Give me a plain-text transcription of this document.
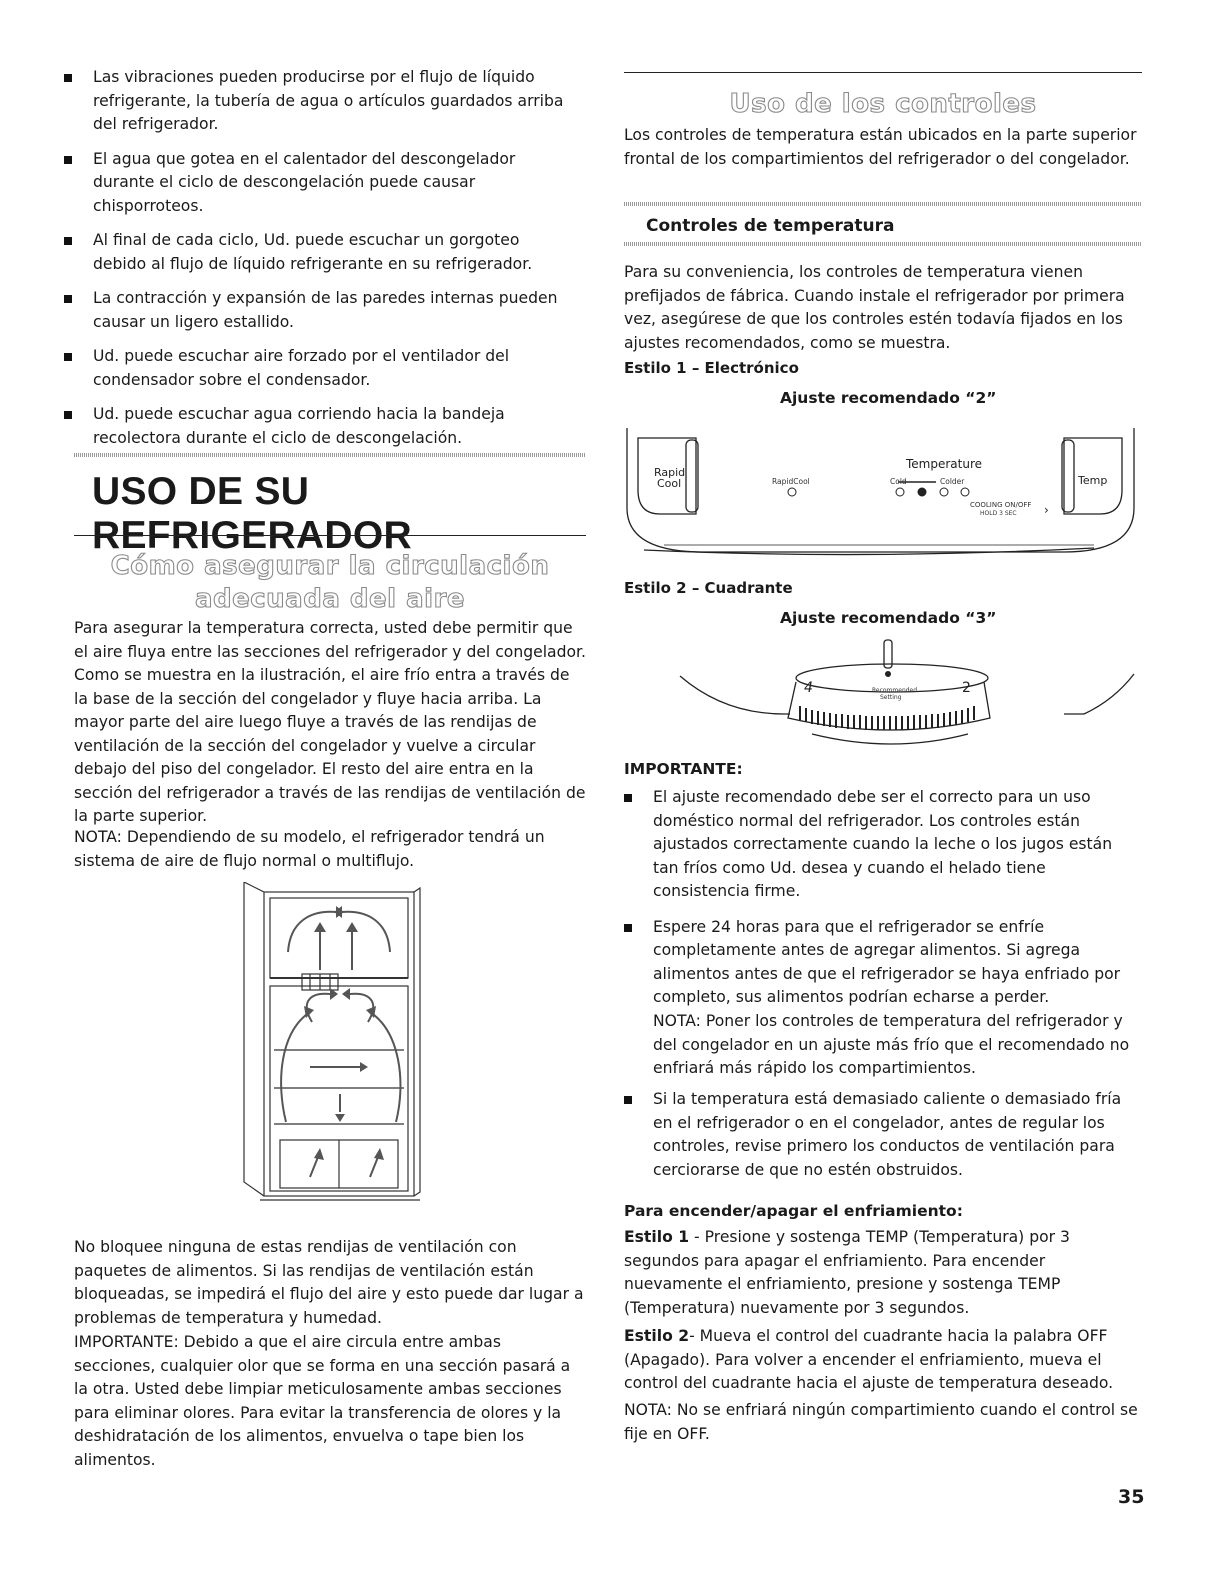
Las vibraciones pueden producirse por el flujo de líquido refrigerante, la tubería de agua o artículos guardados arriba del refrigerador.
El agua que gotea en el calentador del descongelador durante el ciclo de descongelación puede causar chisporroteos.
Al final de cada ciclo, Ud. puede escuchar un gorgoteo debido al flujo de líquido refrigerante en su refrigerador.
La contracción y expansión de las paredes internas pueden causar un ligero estallido.
Ud. puede escuchar aire forzado por el ventilador del condensador sobre el condensador.
Ud. puede escuchar agua corriendo hacia la bandeja recolectora durante el ciclo de descongelación.
USO DE SU REFRIGERADOR
Cómo asegurar la circulación
adecuada del aire

Para asegurar la temperatura correcta, usted debe permitir que el aire fluya entre las secciones del refrigerador y del congelador. Como se muestra en la ilustración, el aire frío entra a través de la base de la sección del congelador y fluye hacia arriba. La mayor parte del aire luego fluye a través de las rendijas de ventilación de la sección del congelador y vuelve a circular debajo del piso del congelador. El resto del aire entra en la sección del refrigerador a través de las rendijas de ventilación de la parte superior.

NOTA: Dependiendo de su modelo, el refrigerador tendrá un sistema de aire de flujo normal o multiflujo.

No bloquee ninguna de estas rendijas de ventilación con paquetes de alimentos. Si las rendijas de ventilación están bloqueadas, se impedirá el flujo del aire y esto puede dar lugar a problemas de temperatura y humedad.

IMPORTANTE: Debido a que el aire circula entre ambas secciones, cualquier olor que se forma en una sección pasará a la otra. Usted debe limpiar meticulosamente ambas secciones para eliminar olores. Para evitar la transferencia de olores y la deshidratación de los alimentos, envuelva o tape bien los alimentos.

Uso de los controles

Los controles de temperatura están ubicados en la parte superior frontal de los compartimientos del refrigerador o del congelador.

Controles de temperatura

Para su conveniencia, los controles de temperatura vienen prefijados de fábrica. Cuando instale el refrigerador por primera vez, asegúrese de que los controles estén todavía fijados en los ajustes recomendados, como se muestra.

Estilo 1 – Electrónico
Ajuste recomendado “2”
Rapid
Cool	RapidCool
Temperature
Cold	Colder
COOLING ON/OFF
HOLD 3 SEC ›
Temp
Estilo 2 – Cuadrante
Ajuste recomendado “3”
4	2
Recommended
Setting
IMPORTANTE:
El ajuste recomendado debe ser el correcto para un uso doméstico normal del refrigerador. Los controles están ajustados correctamente cuando la leche o los jugos están tan fríos como Ud. desea y cuando el helado tiene consistencia firme.
Espere 24 horas para que el refrigerador se enfríe completamente antes de agregar alimentos. Si agrega alimentos antes de que el refrigerador se haya enfriado por completo, sus alimentos podrían echarse a perder.

NOTA: Poner los controles de temperatura del refrigerador y del congelador en un ajuste más frío que el recomendado no enfriará más rápido los compartimientos.

Si la temperatura está demasiado caliente o demasiado fría en el refrigerador o en el congelador, antes de regular los controles, revise primero los conductos de ventilación para cerciorarse de que no estén obstruidos.
Para encender/apagar el enfriamiento:

Estilo 1 - Presione y sostenga TEMP (Temperatura) por 3 segundos para apagar el enfriamiento. Para encender nuevamente el enfriamiento, presione y sostenga TEMP (Temperatura) nuevamente por 3 segundos.

Estilo 2- Mueva el control del cuadrante hacia la palabra OFF (Apagado). Para volver a encender el enfriamiento, mueva el control del cuadrante hacia el ajuste de temperatura deseado.

NOTA: No se enfriará ningún compartimiento cuando el control se fije en OFF.

35
